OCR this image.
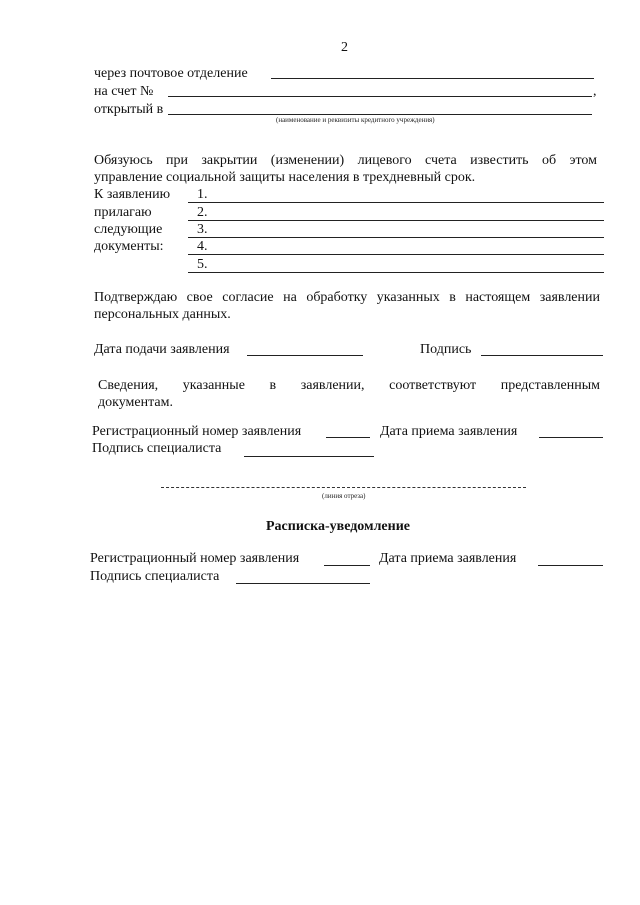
2
через почтовое отделение
на счет №	,
открытый в
(наименование и реквизиты кредитного учреждения)
Обязуюсь при закрытии (изменении) лицевого счета известить об этом
управление социальной защиты населения в трехдневный срок.
К заявлению
прилагаю
следующие
документы:
1.
2.
3.
4.
5.
Подтверждаю свое согласие на обработку указанных в настоящем заявлении
персональных данных.
Дата подачи заявления	Подпись
Сведения, указанные в заявлении, соответствуют представленным
документам.
Регистрационный номер заявления	Дата приема заявления
Подпись специалиста
(линия отреза)
Расписка-уведомление
Регистрационный номер заявления	Дата приема заявления
Подпись специалиста
